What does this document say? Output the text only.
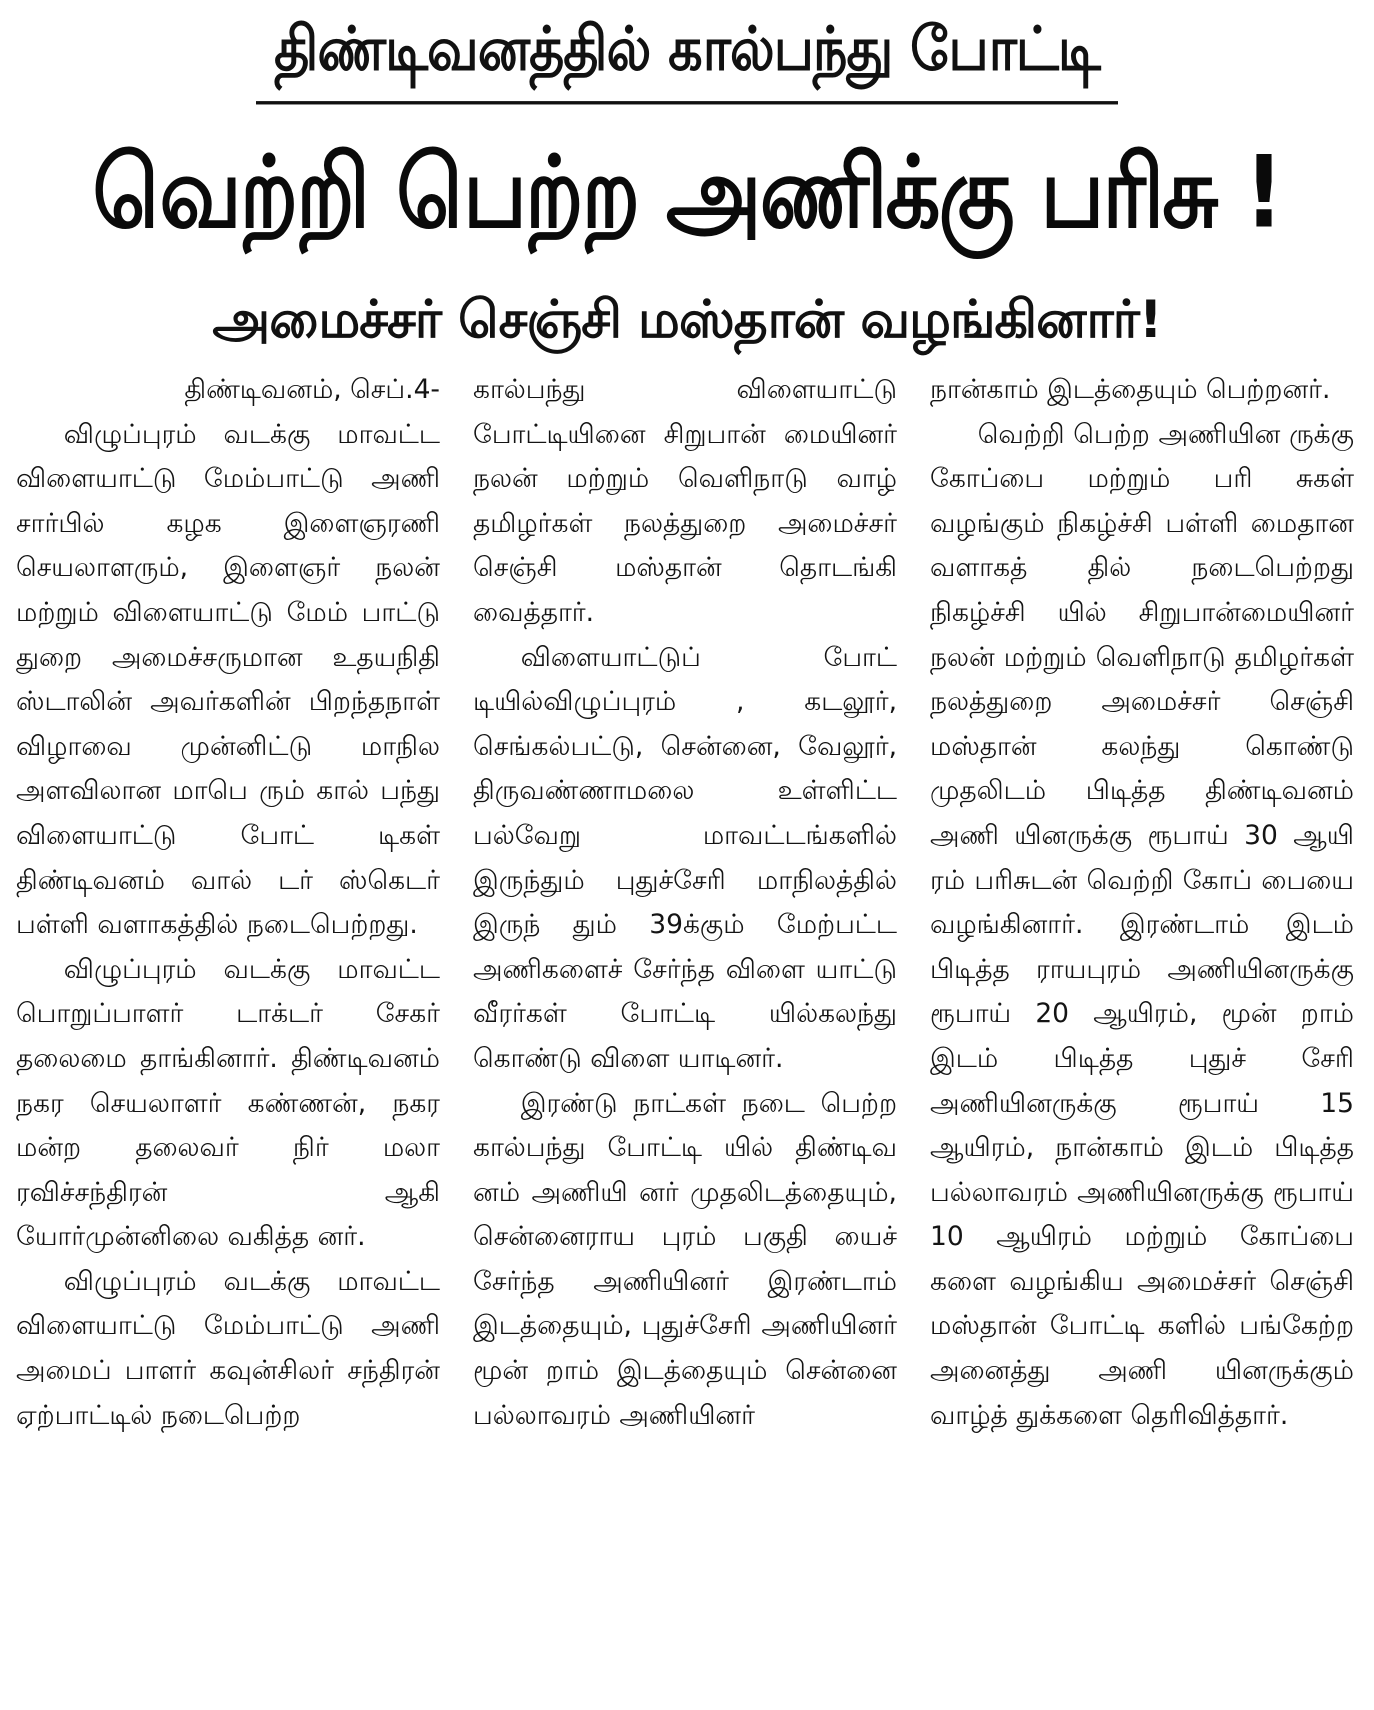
திண்டிவனத்தில் கால்பந்து போட்டி
வெற்றி பெற்ற அணிக்கு பரிசு !
அமைச்சர் செஞ்சி மஸ்தான் வழங்கினார்!

திண்டிவனம், செப்.4-

விழுப்புரம் வடக்கு மாவட்ட விளையாட்டு மேம்பாட்டு அணி சார்பில் கழக இளைஞரணி செயலாளரும், இளைஞர் நலன் மற்றும் விளையாட்டு மேம் பாட்டு துறை அமைச்சருமான உதயநிதி ஸ்டாலின் அவர்களின் பிறந்தநாள் விழாவை முன்னிட்டு மாநில அளவிலான மாபெ ரும் கால் பந்து விளையாட்டு போட் டிகள் திண்டிவனம் வால் டர் ஸ்கெடர் பள்ளி வளாகத்தில் நடைபெற்றது.

விழுப்புரம் வடக்கு மாவட்ட பொறுப்பாளர் டாக்டர் சேகர் தலைமை தாங்கினார். திண்டிவனம் நகர செயலாளர் கண்ணன், நகர மன்ற தலைவர் நிர் மலா ரவிச்சந்திரன் ஆகி யோர்முன்னிலை வகித்த னர்.

விழுப்புரம் வடக்கு மாவட்ட விளையாட்டு மேம்பாட்டு அணி அமைப் பாளர் கவுன்சிலர் சந்திரன் ஏற்பாட்டில் நடைபெற்ற

கால்பந்து விளையாட்டு போட்டியினை சிறுபான் மையினர் நலன் மற்றும் வெளிநாடு வாழ் தமிழர்கள் நலத்துறை அமைச்சர் செஞ்சி மஸ்தான் தொடங்கி வைத்தார்.

விளையாட்டுப் போட் டியில்விழுப்புரம் , கடலூர், செங்கல்பட்டு, சென்னை, வேலூர், திருவண்ணாமலை உள்ளிட்ட பல்வேறு மாவட்டங்களில் இருந்தும் புதுச்சேரி மாநிலத்தில் இருந் தும் 39க்கும் மேற்பட்ட அணிகளைச் சேர்ந்த விளை யாட்டு வீரர்கள் போட்டி யில்கலந்து கொண்டு விளை யாடினர்.

இரண்டு நாட்கள் நடை பெற்ற கால்பந்து போட்டி யில் திண்டிவ னம் அணியி னர் முதலிடத்தையும், சென்னைராய புரம் பகுதி யைச் சேர்ந்த அணியினர் இரண்டாம் இடத்தையும், புதுச்சேரி அணியினர் மூன் றாம் இடத்தையும் சென்னை பல்லாவரம் அணியினர்

நான்காம் இடத்தையும் பெற்றனர்.

வெற்றி பெற்ற அணியின ருக்கு கோப்பை மற்றும் பரி சுகள் வழங்கும் நிகழ்ச்சி பள்ளி மைதான வளாகத் தில் நடைபெற்றது நிகழ்ச்சி யில் சிறுபான்மையினர் நலன் மற்றும் வெளிநாடு தமிழர்கள் நலத்துறை அமைச்சர் செஞ்சி மஸ்தான் கலந்து கொண்டு முதலிடம் பிடித்த திண்டிவனம் அணி யினருக்கு ரூபாய் 30 ஆயி ரம் பரிசுடன் வெற்றி கோப் பையை வழங்கினார். இரண்டாம் இடம் பிடித்த ராயபுரம் அணியினருக்கு ரூபாய் 20 ஆயிரம், மூன் றாம் இடம் பிடித்த புதுச் சேரி அணியினருக்கு ரூபாய் 15 ஆயிரம், நான்காம் இடம் பிடித்த பல்லாவரம் அணியினருக்கு ரூபாய் 10 ஆயிரம் மற்றும் கோப்பை களை வழங்கிய அமைச்சர் செஞ்சி மஸ்தான் போட்டி களில் பங்கேற்ற அனைத்து அணி யினருக்கும் வாழ்த் துக்களை தெரிவித்தார்.
